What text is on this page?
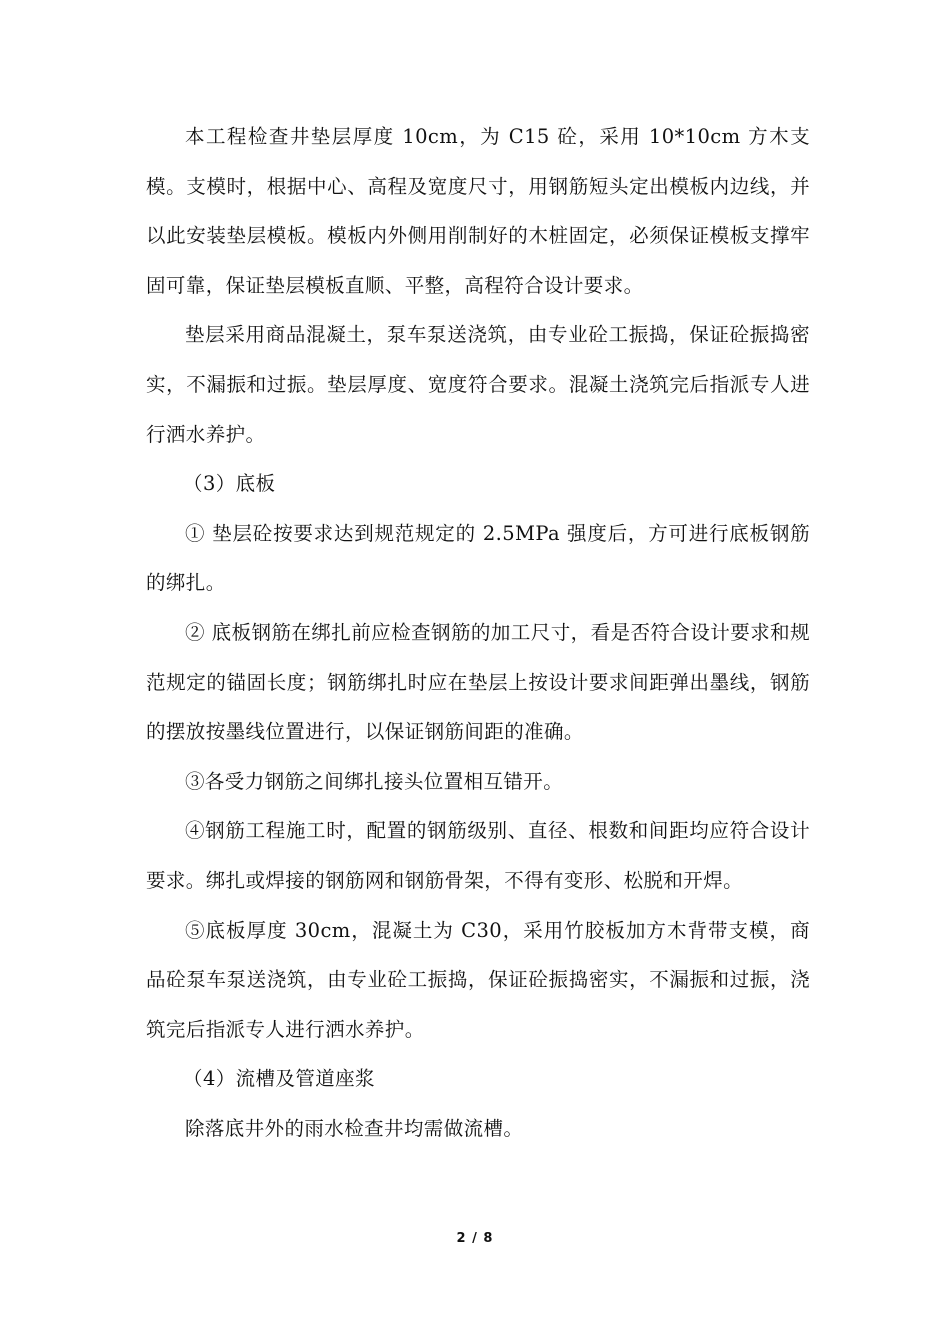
本工程检查井垫层厚度 10cm，为 C15 砼，采用 10*10cm 方木支模。支模时，根据中心、高程及宽度尺寸，用钢筋短头定出模板内边线，并以此安装垫层模板。模板内外侧用削制好的木桩固定，必须保证模板支撑牢固可靠，保证垫层模板直顺、平整，高程符合设计要求。

垫层采用商品混凝土，泵车泵送浇筑，由专业砼工振捣，保证砼振捣密实，不漏振和过振。垫层厚度、宽度符合要求。混凝土浇筑完后指派专人进行洒水养护。

（3）底板

① 垫层砼按要求达到规范规定的 2.5MPa 强度后，方可进行底板钢筋的绑扎。

② 底板钢筋在绑扎前应检查钢筋的加工尺寸，看是否符合设计要求和规范规定的锚固长度；钢筋绑扎时应在垫层上按设计要求间距弹出墨线，钢筋的摆放按墨线位置进行，以保证钢筋间距的准确。

③各受力钢筋之间绑扎接头位置相互错开。

④钢筋工程施工时，配置的钢筋级别、直径、根数和间距均应符合设计要求。绑扎或焊接的钢筋网和钢筋骨架，不得有变形、松脱和开焊。

⑤底板厚度 30cm，混凝土为 C30，采用竹胶板加方木背带支模，商品砼泵车泵送浇筑，由专业砼工振捣，保证砼振捣密实，不漏振和过振，浇筑完后指派专人进行洒水养护。

（4）流槽及管道座浆

除落底井外的雨水检查井均需做流槽。

2 / 8
